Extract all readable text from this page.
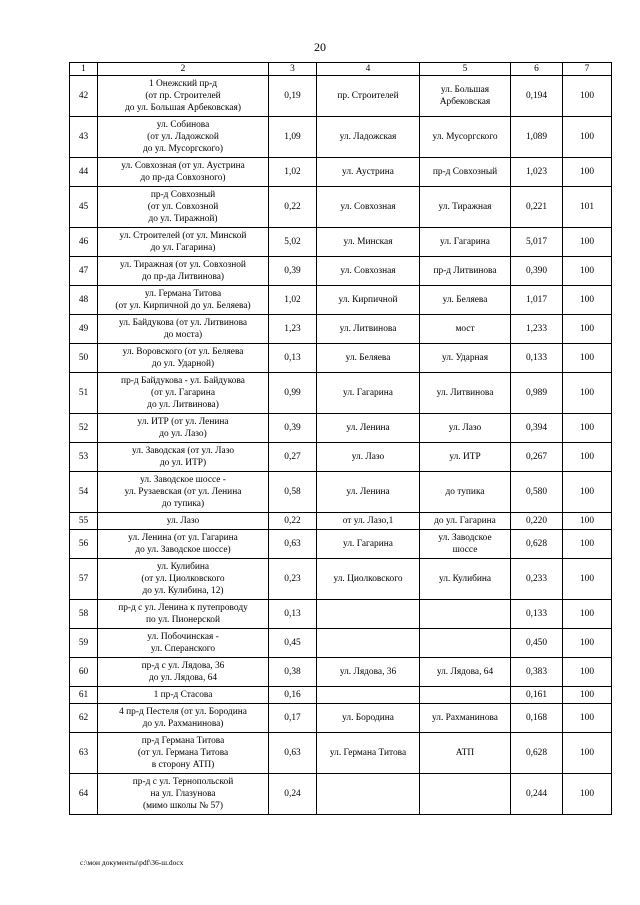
20
1	2	3	4	5	6	7
42	1 Онежский пр-д
(от пр. Строителей
до ул. Большая Арбековская)	0,19	пр. Строителей	ул. Большая
Арбековская	0,194	100
43	ул. Собинова
(от ул. Ладожской
до ул. Мусоргского)	1,09	ул. Ладожская	ул. Мусоргского	1,089	100
44	ул. Совхозная (от ул. Аустрина
до пр-да Совхозного)	1,02	ул. Аустрина	пр-д Совхозный	1,023	100
45	пр-д Совхозный
(от ул. Совхозной
до ул. Тиражной)	0,22	ул. Совхозная	ул. Тиражная	0,221	101
46	ул. Строителей (от ул. Минской
до ул. Гагарина)	5,02	ул. Минская	ул. Гагарина	5,017	100
47	ул. Тиражная (от ул. Совхозной
до пр-да Литвинова)	0,39	ул. Совхозная	пр-д Литвинова	0,390	100
48	ул. Германа Титова
(от ул. Кирпичной до ул. Беляева)	1,02	ул. Кирпичной	ул. Беляева	1,017	100
49	ул. Байдукова (от ул. Литвинова
до моста)	1,23	ул. Литвинова	мост	1,233	100
50	ул. Воровского (от ул. Беляева
до ул. Ударной)	0,13	ул. Беляева	ул. Ударная	0,133	100
51	пр-д Байдукова - ул. Байдукова
(от ул. Гагарина
до ул. Литвинова)	0,99	ул. Гагарина	ул. Литвинова	0,989	100
52	ул. ИТР (от ул. Ленина
до ул. Лазо)	0,39	ул. Ленина	ул. Лазо	0,394	100
53	ул. Заводская (от ул. Лазо
до ул. ИТР)	0,27	ул. Лазо	ул. ИТР	0,267	100
54	ул. Заводское шоссе -
ул. Рузаевская (от ул. Ленина
до тупика)	0,58	ул. Ленина	до тупика	0,580	100
55	ул. Лазо	0,22	от ул. Лазо,1	до ул. Гагарина	0,220	100
56	ул. Ленина (от ул. Гагарина
до ул. Заводское шоссе)	0,63	ул. Гагарина	ул. Заводское
шоссе	0,628	100
57	ул. Кулибина
(от ул. Циолковского
до ул. Кулибина, 12)	0,23	ул. Циолковского	ул. Кулибина	0,233	100
58	пр-д с ул. Ленина к путепроводу
по ул. Пионерской	0,13			0,133	100
59	ул. Побочинская -
ул. Сперанского	0,45			0,450	100
60	пр-д с ул. Лядова, 36
до ул. Лядова, 64	0,38	ул. Лядова, 36	ул. Лядова, 64	0,383	100
61	1 пр-д Стасова	0,16			0,161	100
62	4 пр-д Пестеля (от ул. Бородина
до ул. Рахманинова)	0,17	ул. Бородина	ул. Рахманинова	0,168	100
63	пр-д Германа Титова
(от ул. Германа Титова
в сторону АТП)	0,63	ул. Германа Титова	АТП	0,628	100
64	пр-д с ул. Тернопольской
на ул. Глазунова
(мимо школы № 57)	0,24			0,244	100
c:\мои документы\pdf\36-ш.docx
